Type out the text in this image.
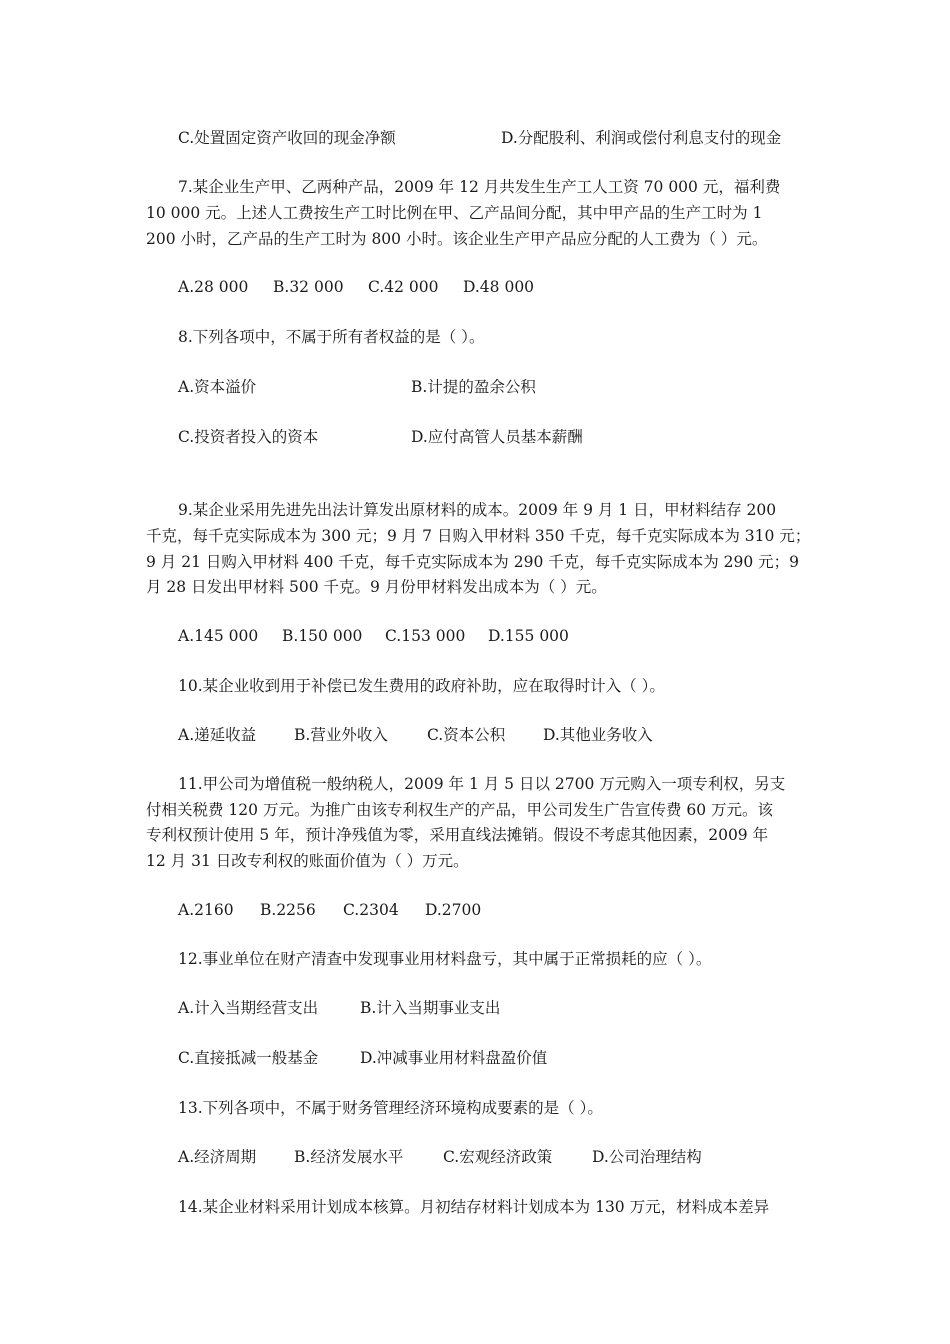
C.处置固定资产收回的现金净额	D.分配股利、利润或偿付利息支付的现金
7.某企业生产甲、乙两种产品，2009 年 12 月共发生生产工人工资 70 000 元，福利费
10 000 元。上述人工费按生产工时比例在甲、乙产品间分配，其中甲产品的生产工时为 1
200 小时，乙产品的生产工时为 800 小时。该企业生产甲产品应分配的人工费为（ ）元。
A.28 000 B.32 000 C.42 000 D.48 000
8.下列各项中，不属于所有者权益的是（ ）。
A.资本溢价	B.计提的盈余公积
C.投资者投入的资本	D.应付高管人员基本薪酬
9.某企业采用先进先出法计算发出原材料的成本。2009 年 9 月 1 日，甲材料结存 200
千克，每千克实际成本为 300 元；9 月 7 日购入甲材料 350 千克，每千克实际成本为 310 元；
9 月 21 日购入甲材料 400 千克，每千克实际成本为 290 千克，每千克实际成本为 290 元；9
月 28 日发出甲材料 500 千克。9 月份甲材料发出成本为（ ）元。
A.145 000 B.150 000 C.153 000 D.155 000
10.某企业收到用于补偿已发生费用的政府补助，应在取得时计入（ ）。
A.递延收益 B.营业外收入	C.资本公积 D.其他业务收入
11.甲公司为增值税一般纳税人，2009 年 1 月 5 日以 2700 万元购入一项专利权，另支
付相关税费 120 万元。为推广由该专利权生产的产品，甲公司发生广告宣传费 60 万元。该
专利权预计使用 5 年，预计净残值为零，采用直线法摊销。假设不考虑其他因素，2009 年
12 月 31 日改专利权的账面价值为（ ）万元。
A.2160 B.2256 C.2304 D.2700
12.事业单位在财产清查中发现事业用材料盘亏，其中属于正常损耗的应（ ）。
A.计入当期经营支出	B.计入当期事业支出
C.直接抵减一般基金	D.冲减事业用材料盘盈价值
13.下列各项中，不属于财务管理经济环境构成要素的是（ ）。
A.经济周期 B.经济发展水平	C.宏观经济政策	D.公司治理结构
14.某企业材料采用计划成本核算。月初结存材料计划成本为 130 万元，材料成本差异
